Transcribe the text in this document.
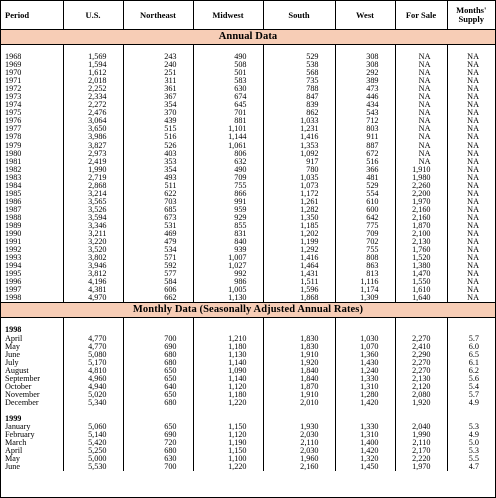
Period	U.S.	Northeast	Midwest	South	West	For Sale	Months' Supply
Annual Data							

1968	1,569	243	490	529	308	NA	NA
1969	1,594	240	508	538	308	NA	NA
1970	1,612	251	501	568	292	NA	NA
1971	2,018	311	583	735	389	NA	NA
1972	2,252	361	630	788	473	NA	NA
1973	2,334	367	674	847	446	NA	NA
1974	2,272	354	645	839	434	NA	NA
1975	2,476	370	701	862	543	NA	NA
1976	3,064	439	881	1,033	712	NA	NA
1977	3,650	515	1,101	1,231	803	NA	NA
1978	3,986	516	1,144	1,416	911	NA	NA
1979	3,827	526	1,061	1,353	887	NA	NA
1980	2,973	403	806	1,092	672	NA	NA
1981	2,419	353	632	917	516	NA	NA
1982	1,990	354	490	780	366	1,910	NA
1983	2,719	493	709	1,035	481	1,980	NA
1984	2,868	511	755	1,073	529	2,260	NA
1985	3,214	622	866	1,172	554	2,200	NA
1986	3,565	703	991	1,261	610	1,970	NA
1987	3,526	685	959	1,282	600	2,160	NA
1988	3,594	673	929	1,350	642	2,160	NA
1989	3,346	531	855	1,185	775	1,870	NA
1990	3,211	469	831	1,202	709	2,100	NA
1991	3,220	479	840	1,199	702	2,130	NA
1992	3,520	534	939	1,292	755	1,760	NA
1993	3,802	571	1,007	1,416	808	1,520	NA
1994	3,946	592	1,027	1,464	863	1,380	NA
1995	3,812	577	992	1,431	813	1,470	NA
1996	4,196	584	986	1,511	1,116	1,550	NA
1997	4,381	606	1,005	1,596	1,174	1,610	NA
1998	4,970	662	1,130	1,868	1,309	1,640	NA
Monthly Data (Seasonally Adjusted Annual Rates)							

1998							
April	4,770	700	1,210	1,830	1,030	2,270	5.7
May	4,770	690	1,180	1,830	1,070	2,410	6.0
June	5,080	680	1,130	1,910	1,360	2,290	6.5
July	5,170	680	1,140	1,920	1,430	2,270	6.1
August	4,810	650	1,090	1,840	1,240	2,270	6.2
September	4,960	650	1,140	1,840	1,330	2,130	5.6
October	4,940	640	1,120	1,870	1,310	2,120	5.4
November	5,020	650	1,180	1,910	1,280	2,080	5.7
December	5,340	680	1,220	2,010	1,420	1,920	4.9

1999							
January	5,060	650	1,150	1,930	1,330	2,040	5.3
February	5,140	690	1,120	2,030	1,310	1,990	4.9
March	5,420	720	1,190	2,110	1,400	2,110	5.0
April	5,250	680	1,150	2,030	1,420	2,170	5.3
May	5,000	630	1,100	1,960	1,320	2,220	5.5
June	5,530	700	1,220	2,160	1,450	1,970	4.7
